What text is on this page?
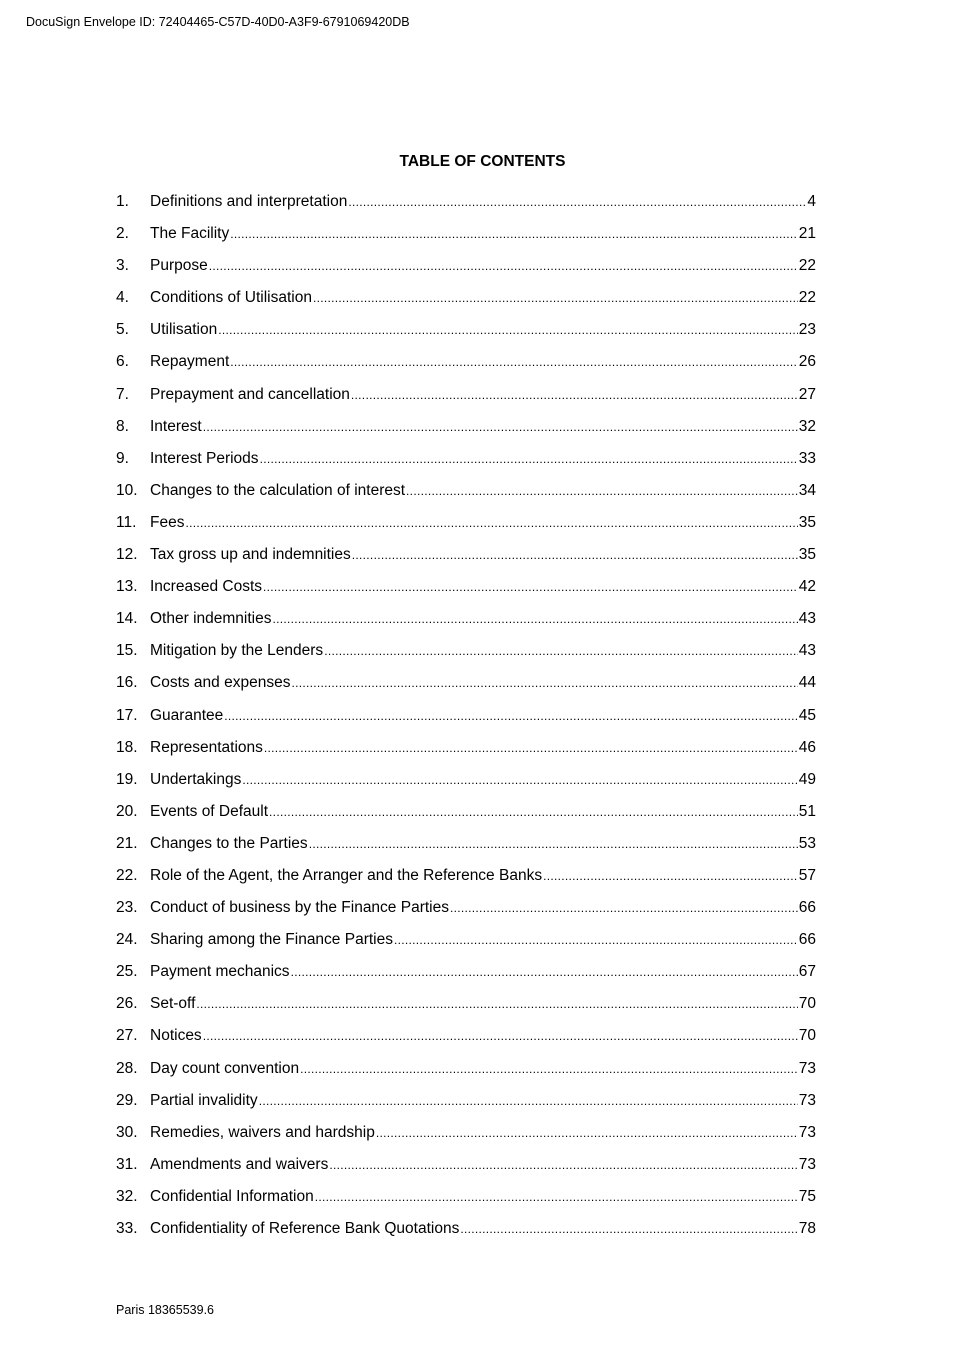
DocuSign Envelope ID: 72404465-C57D-40D0-A3F9-6791069420DB
TABLE OF CONTENTS
1.	Definitions and interpretation .....	4
2.	The Facility .....	21
3.	Purpose .....	22
4.	Conditions of Utilisation .....	22
5.	Utilisation .....	23
6.	Repayment .....	26
7.	Prepayment and cancellation .....	27
8.	Interest .....	32
9.	Interest Periods .....	33
10. Changes to the calculation of interest .....	34
11. Fees .....	35
12. Tax gross up and indemnities .....	35
13. Increased Costs .....	42
14. Other indemnities .....	43
15. Mitigation by the Lenders .....	43
16. Costs and expenses .....	44
17. Guarantee .....	45
18. Representations .....	46
19. Undertakings .....	49
20. Events of Default .....	51
21. Changes to the Parties .....	53
22. Role of the Agent, the Arranger and the Reference Banks .....	57
23. Conduct of business by the Finance Parties .....	66
24. Sharing among the Finance Parties .....	66
25. Payment mechanics .....	67
26. Set-off .....	70
27. Notices .....	70
28. Day count convention .....	73
29. Partial invalidity .....	73
30. Remedies, waivers and hardship .....	73
31. Amendments and waivers .....	73
32. Confidential Information .....	75
33. Confidentiality of Reference Bank Quotations .....	78
Paris 18365539.6
